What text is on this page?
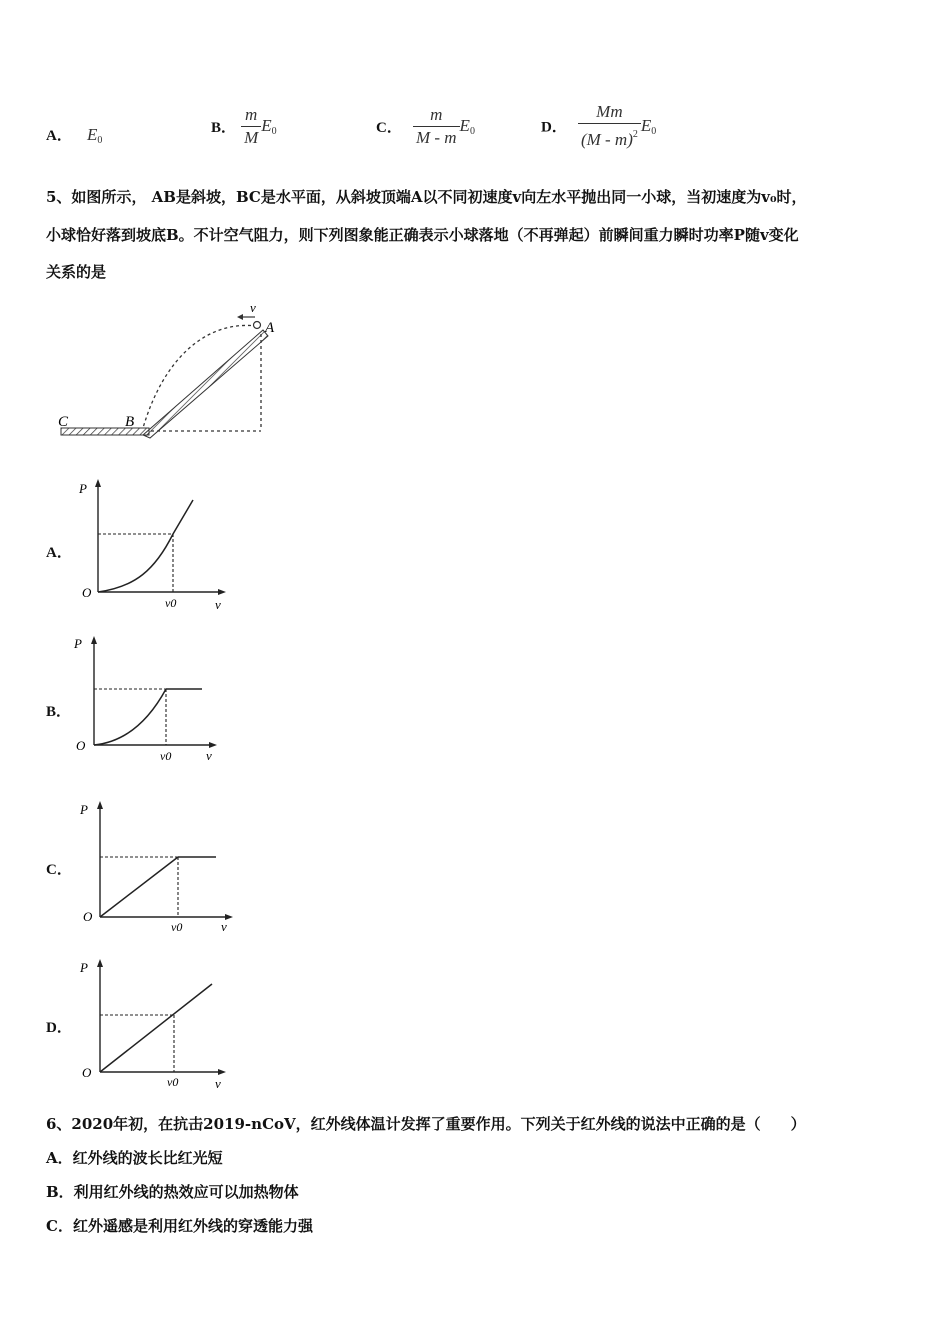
A． $E_0$
B． $\frac{m}{M} E_0$	C． $\frac{m}{M - m} E_0$	D． $\frac{Mm}{(M - m)^2} E_0$
5、如图所示， AB是斜坡，BC是水平面，从斜坡顶端A以不同初速度v向左水平抛出同一小球，当初速度为v₀时，
小球恰好落到坡底B。不计空气阻力，则下列图象能正确表示小球落地（不再弹起）前瞬间重力瞬时功率P随v变化
关系的是
v
A
B
C
A．
P
O
v0	v
B．
P
O
v0	v
C．
P
O
v0	v
D．
P
O
v0	v
6、2020年初，在抗击2019-nCoV，红外线体温计发挥了重要作用。下列关于红外线的说法中正确的是（　　）
A．红外线的波长比红光短
B．利用红外线的热效应可以加热物体
C．红外遥感是利用红外线的穿透能力强
